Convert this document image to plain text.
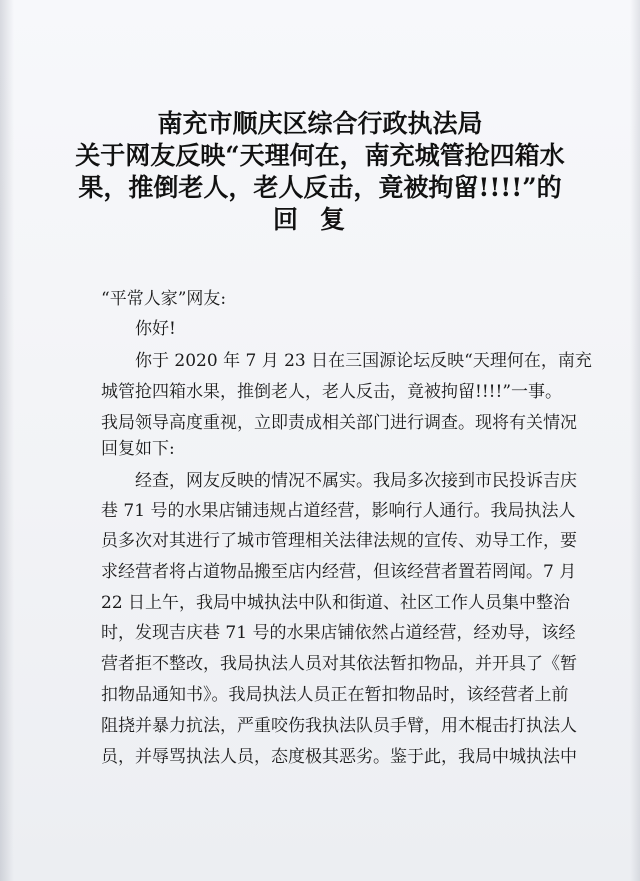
南充市顺庆区综合行政执法局
关于网友反映“天理何在，南充城管抢四箱水
果，推倒老人，老人反击，竟被拘留!!!!”的
回复
“平常人家”网友:
你好!
你于 2020 年 7 月 23 日在三国源论坛反映“天理何在，南充
城管抢四箱水果，推倒老人，老人反击，竟被拘留!!!!”一事。
我局领导高度重视，立即责成相关部门进行调查。现将有关情况
回复如下:
经查，网友反映的情况不属实。我局多次接到市民投诉吉庆
巷 71 号的水果店铺违规占道经营，影响行人通行。我局执法人
员多次对其进行了城市管理相关法律法规的宣传、劝导工作，要
求经营者将占道物品搬至店内经营，但该经营者置若罔闻。7 月
22 日上午，我局中城执法中队和街道、社区工作人员集中整治
时，发现吉庆巷 71 号的水果店铺依然占道经营，经劝导，该经
营者拒不整改，我局执法人员对其依法暂扣物品，并开具了《暂
扣物品通知书》。我局执法人员正在暂扣物品时，该经营者上前
阻挠并暴力抗法，严重咬伤我执法队员手臂，用木棍击打执法人
员，并辱骂执法人员，态度极其恶劣。鉴于此，我局中城执法中
